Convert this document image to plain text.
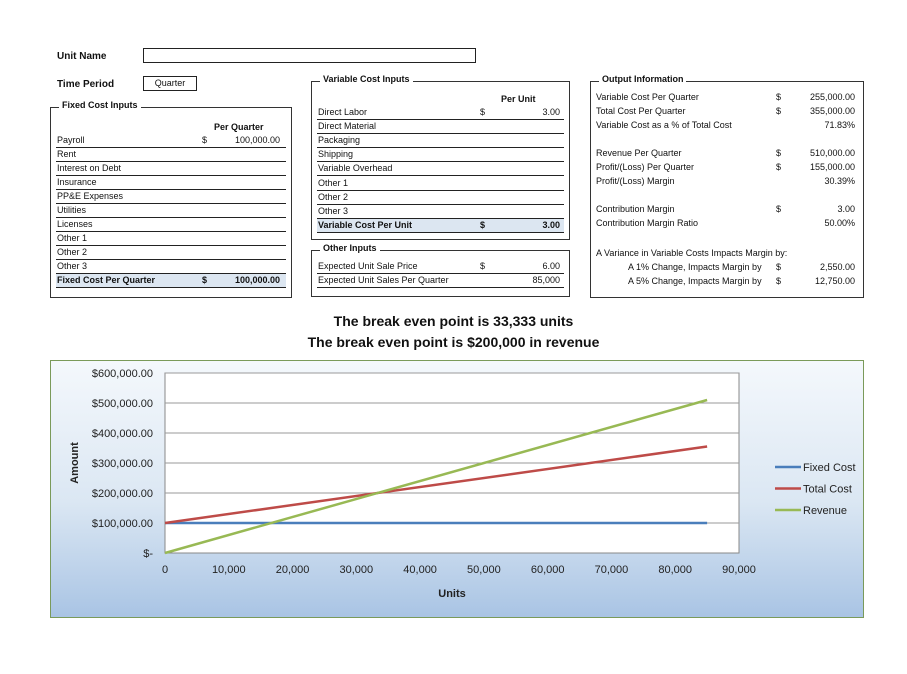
Unit Name
Time Period	Quarter
Fixed Cost Inputs
Per Quarter
Payroll	$	100,000.00
Rent
Interest on Debt
Insurance
PP&E Expenses
Utilities
Licenses
Other 1
Other 2
Other 3
Fixed Cost Per Quarter	$	100,000.00
Variable Cost Inputs
Per Unit
Direct Labor	$	3.00
Direct Material
Packaging
Shipping
Variable Overhead
Other 1
Other 2
Other 3
Variable Cost Per Unit	$	3.00
Other Inputs
Expected Unit Sale Price	$	6.00
Expected Unit Sales Per Quarter	85,000
Output Information
Variable Cost Per Quarter	$	255,000.00
Total Cost Per Quarter	$	355,000.00
Variable Cost as a % of Total Cost	71.83%
Revenue Per Quarter	$	510,000.00
Profit/(Loss) Per Quarter	$	155,000.00
Profit/(Loss) Margin	30.39%
Contribution Margin	$	3.00
Contribution Margin Ratio	50.00%
A Variance in Variable Costs Impacts Margin by:
A 1% Change, Impacts Margin by $	2,550.00
A 5% Change, Impacts Margin by $	12,750.00
The break even point is 33,333 units
The break even point is $200,000 in revenue
$-
$100,000.00
$200,000.00
$300,000.00
$400,000.00
$500,000.00
$600,000.00
0	10,000	20,000	30,000	40,000	50,000	60,000	70,000	80,000	90,000
Units
Amount	Fixed Cost
Total Cost
Revenue
